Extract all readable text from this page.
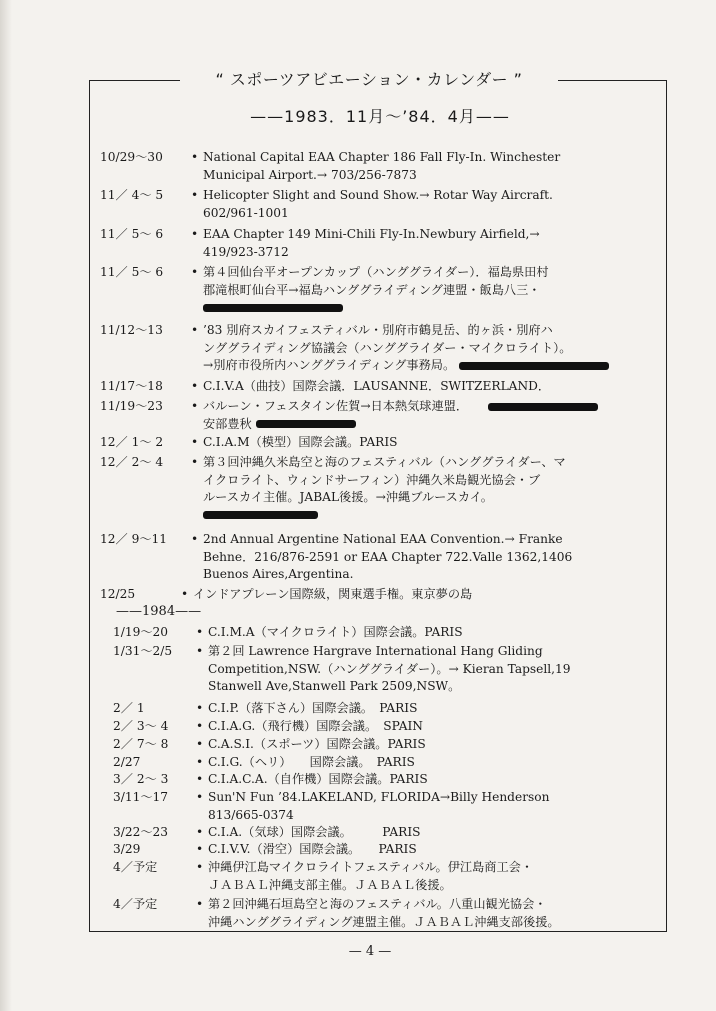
“ スポーツアビエーション・カレンダー ”
——1983．11月～’84．4月——
10/29～30 • National Capital EAA Chapter 186 Fall Fly-In. Winchester
Municipal Airport.→ 703/256-7873
11／ 4～ 5 • Helicopter Slight and Sound Show.→ Rotar Way Aircraft.
602/961-1001
11／ 5～ 6 • EAA Chapter 149 Mini-Chili Fly-In.Newbury Airfield,→
419/923-3712
11／ 5～ 6 • 第４回仙台平オープンカップ（ハンググライダー）．福島県田村
郡滝根町仙台平→福島ハンググライディング連盟・飯島八三・
11/12～13 • ’83 別府スカイフェスティバル・別府市鶴見岳、的ヶ浜・別府ハ
ンググライディング協議会（ハンググライダー・マイクロライト）。
→別府市役所内ハンググライディング事務局。
11/17～18 • C.I.V.A（曲技）国際会議．LAUSANNE．SWITZERLAND．
11/19～23 • バルーン・フェスタイン佐賀→日本熱気球連盟．
安部豊秋
12／ 1～ 2 • C.I.A.M（模型）国際会議。PARIS
12／ 2～ 4 • 第３回沖縄久米島空と海のフェスティバル（ハンググライダー、マ
イクロライト、ウィンドサーフィン）沖縄久米島観光協会・ブ
ルースカイ主催。JABAL後援。→沖縄ブルースカイ。
12／ 9～11 • 2nd Annual Argentine National EAA Convention.→ Franke
Behne．216/876-2591 or EAA Chapter 722.Valle 1362,1406
Buenos Aires,Argentina.
12/25	• インドアプレーン国際級，関東選手権。東京夢の島
——1984——
1/19～20 • C.I.M.A（マイクロライト）国際会議。PARIS
1/31～2/5 • 第２回 Lawrence Hargrave International Hang Gliding
Competition,NSW.（ハンググライダー）。→ Kieran Tapsell,19
Stanwell Ave,Stanwell Park 2509,NSW。
2／ 1	• C.I.P.（落下さん）国際会議。　PARIS
2／ 3～ 4 • C.I.A.G.（飛行機）国際会議。　SPAIN
2／ 7～ 8 • C.A.S.I.（スポーツ）国際会議。PARIS
2/27	• C.I.G.（ヘリ）　　国際会議。　PARIS
3／ 2～ 3 • C.I.A.C.A.（自作機）国際会議。PARIS
3/11～17 • Sun'N Fun ’84.LAKELAND, FLORIDA→Billy Henderson
813/665-0374
3/22～23 • C.I.A.（気球）国際会議。　　　PARIS
3/29	• C.I.V.V.（滑空）国際会議。　　PARIS
4／予定	• 沖縄伊江島マイクロライトフェスティバル。伊江島商工会・
ＪＡＢＡＬ沖縄支部主催。ＪＡＢＡＬ後援。
4／予定	• 第２回沖縄石垣島空と海のフェスティバル。八重山観光協会・
沖縄ハンググライディング連盟主催。ＪＡＢＡＬ沖縄支部後援。
— 4 —
